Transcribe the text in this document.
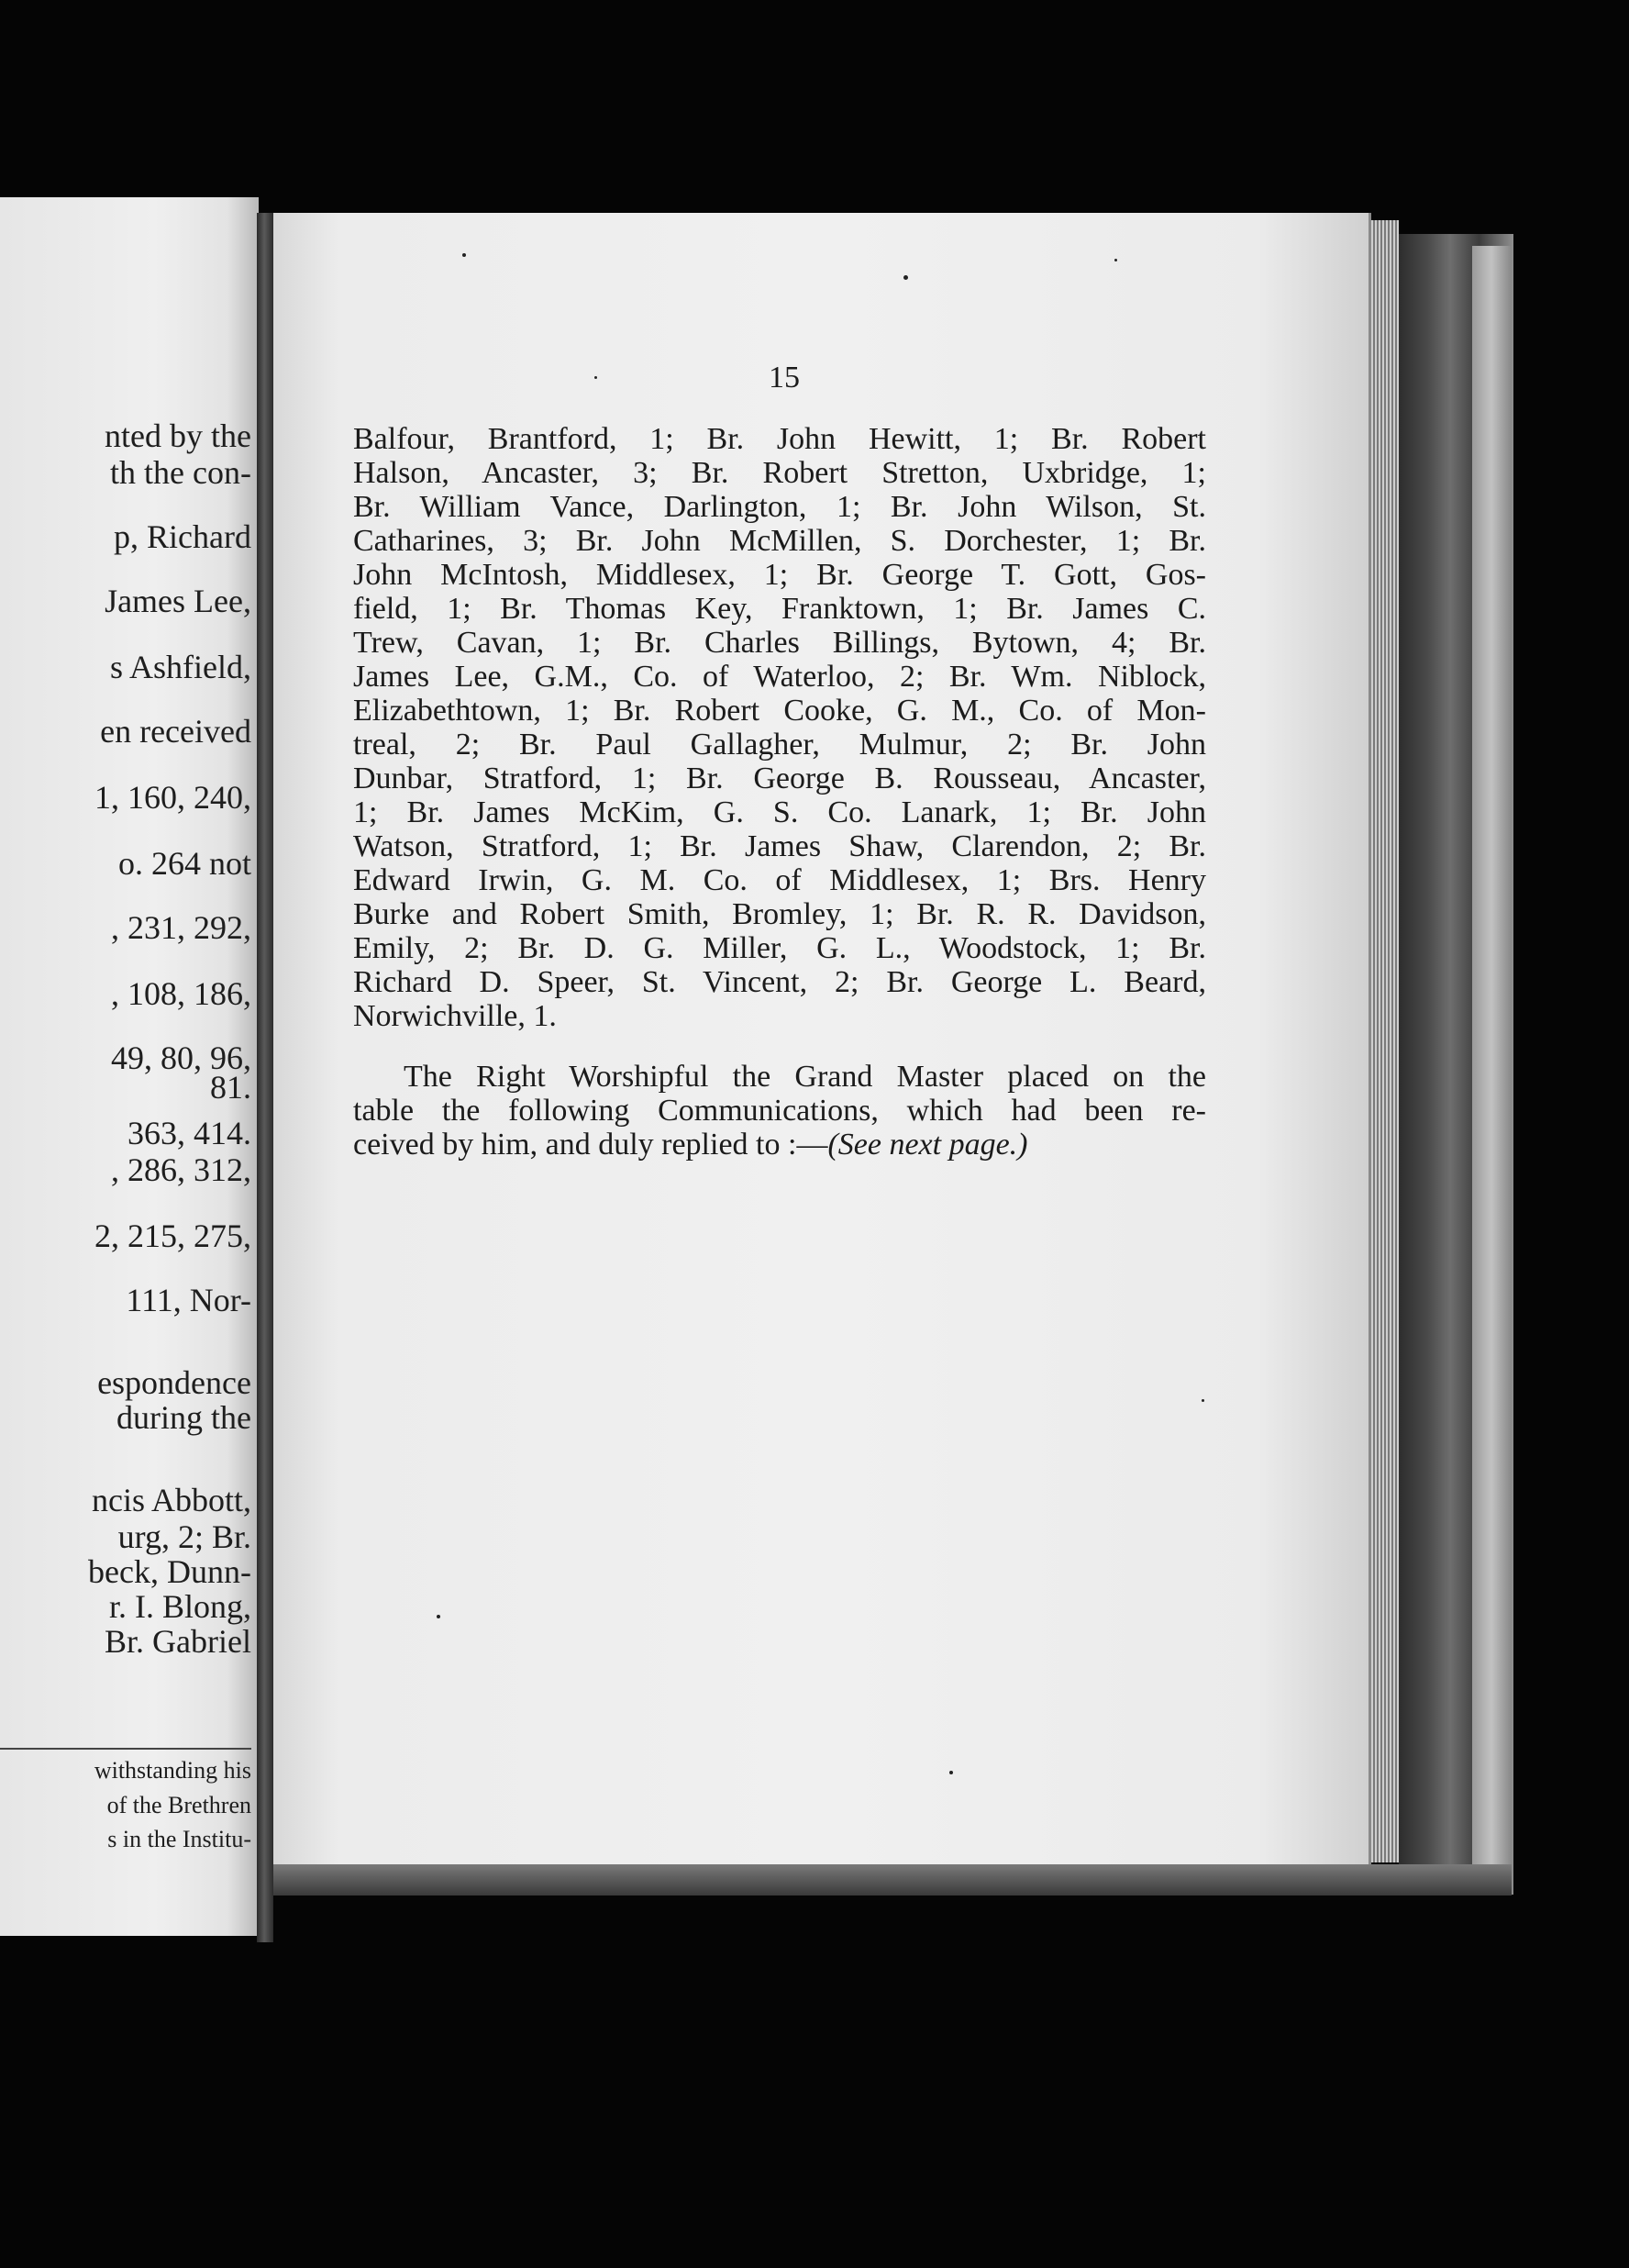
nted by the
th the con-
p, Richard
James Lee,
s Ashfield,
en received
1, 160, 240,
o. 264 not
, 231, 292,
, 108, 186,
49, 80, 96,
81.
363, 414.
, 286, 312,
2, 215, 275,
111, Nor-
espondence
during the
ncis Abbott,
urg, 2; Br.
beck, Dunn-
r. I. Blong,
Br. Gabriel
withstanding his
of the Brethren
s in the Institu-
15
Balfour, Brantford, 1; Br. John Hewitt, 1; Br. Robert
Halson, Ancaster, 3; Br. Robert Stretton, Uxbridge, 1;
Br. William Vance, Darlington, 1; Br. John Wilson, St.
Catharines, 3; Br. John McMillen, S. Dorchester, 1; Br.
John McIntosh, Middlesex, 1; Br. George T. Gott, Gos-
field, 1; Br. Thomas Key, Franktown, 1; Br. James C.
Trew, Cavan, 1; Br. Charles Billings, Bytown, 4; Br.
James Lee, G.M., Co. of Waterloo, 2; Br. Wm. Niblock,
Elizabethtown, 1; Br. Robert Cooke, G. M., Co. of Mon-
treal, 2; Br. Paul Gallagher, Mulmur, 2; Br. John
Dunbar, Stratford, 1; Br. George B. Rousseau, Ancaster,
1; Br. James McKim, G. S. Co. Lanark, 1; Br. John
Watson, Stratford, 1; Br. James Shaw, Clarendon, 2; Br.
Edward Irwin, G. M. Co. of Middlesex, 1; Brs. Henry
Burke and Robert Smith, Bromley, 1; Br. R. R. Davidson,
Emily, 2; Br. D. G. Miller, G. L., Woodstock, 1; Br.
Richard D. Speer, St. Vincent, 2; Br. George L. Beard,
Norwichville, 1.
The Right Worshipful the Grand Master placed on the
table the following Communications, which had been re-
ceived by him, and duly replied to :—(See next page.)
